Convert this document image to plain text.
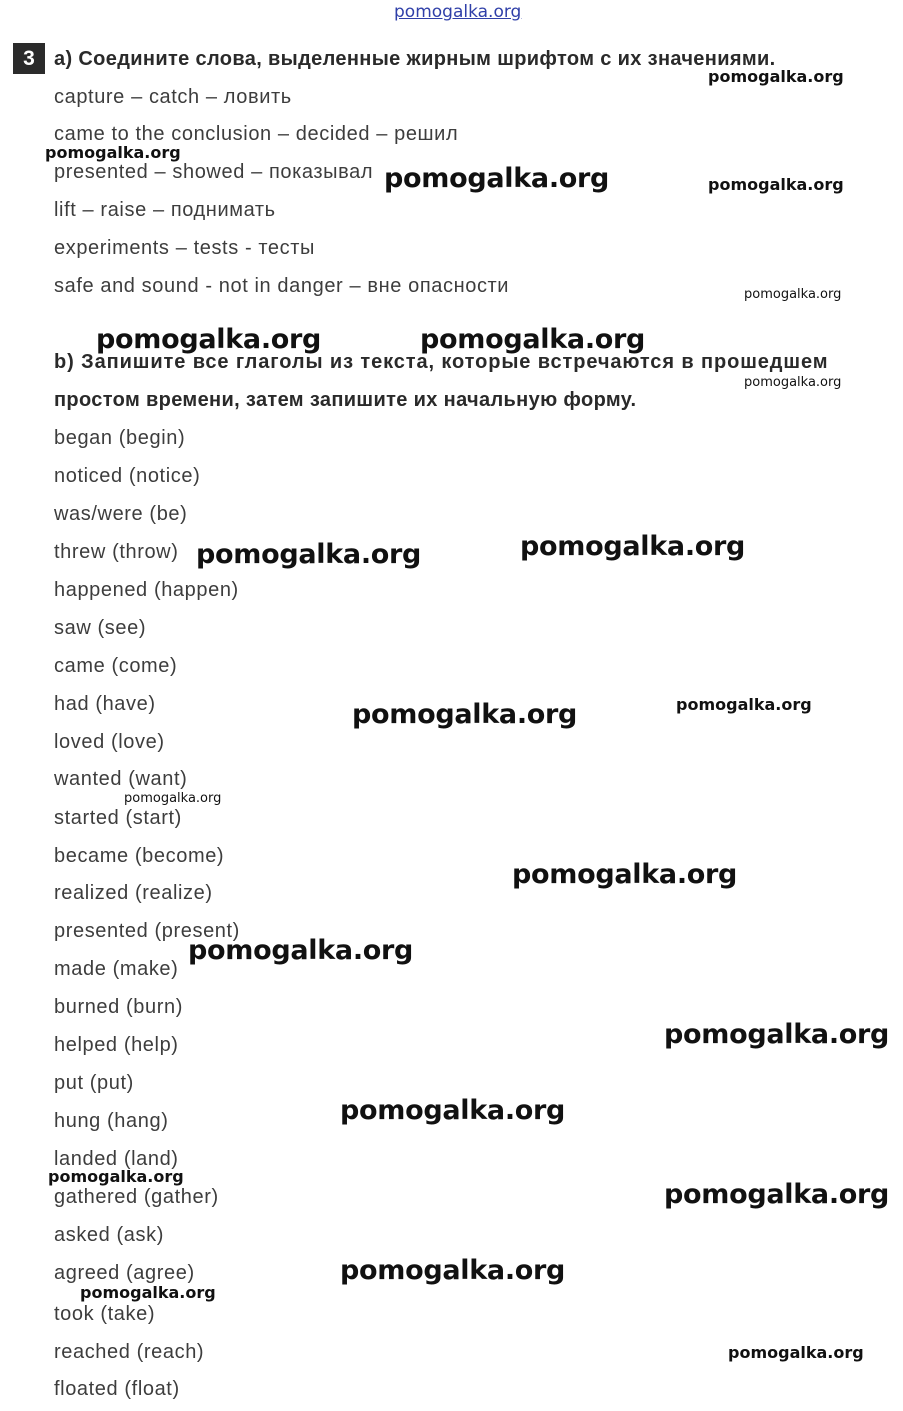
pomogalka.org
3 a) Соедините слова, выделенные жирным шрифтом с их значениями.
capture – catch – ловить
came to the conclusion – decided – решил
presented – showed – показывал
lift – raise – поднимать
experiments – tests - тесты
safe and sound - not in danger – вне опасности
b) Запишите все глаголы из текста, которые встречаются в прошедшем
простом времени, затем запишите их начальную форму.
began (begin)
noticed (notice)
was/were (be)
threw (throw)
happened (happen)
saw (see)
came (come)
had (have)
loved (love)
wanted (want)
started (start)
became (become)
realized (realize)
presented (present)
made (make)
burned (burn)
helped (help)
put (put)
hung (hang)
landed (land)
gathered (gather)
asked (ask)
agreed (agree)
took (take)
reached (reach)
floated (float)
pomogalka.org
pomogalka.org
pomogalka.org	pomogalka.org
pomogalka.org
pomogalka.org	pomogalka.org
pomogalka.org
pomogalka.org	pomogalka.org
pomogalka.org
pomogalka.org
pomogalka.org
pomogalka.org
pomogalka.org
pomogalka.org
pomogalka.org
pomogalka.org
pomogalka.org
pomogalka.org
pomogalka.org
pomogalka.org
